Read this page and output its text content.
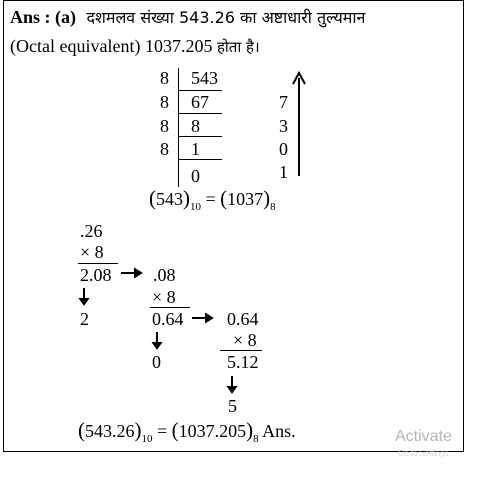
Ans : (a) दशमलव संख्या 543.26 का अष्टाधारी तुल्यमान
(Octal equivalent) 1037.205 होता है।
8
8
8
8
543
67
8
1
0
7
3
0
1
$(543)_{10} = (1037)_8$
.26
× 8
2.08
2
.08
× 8
0.64
0
0.64
× 8
5.12
5
$(543.26)_{10} = (1037.205)_8$ Ans.	Activate
Go to Settings
